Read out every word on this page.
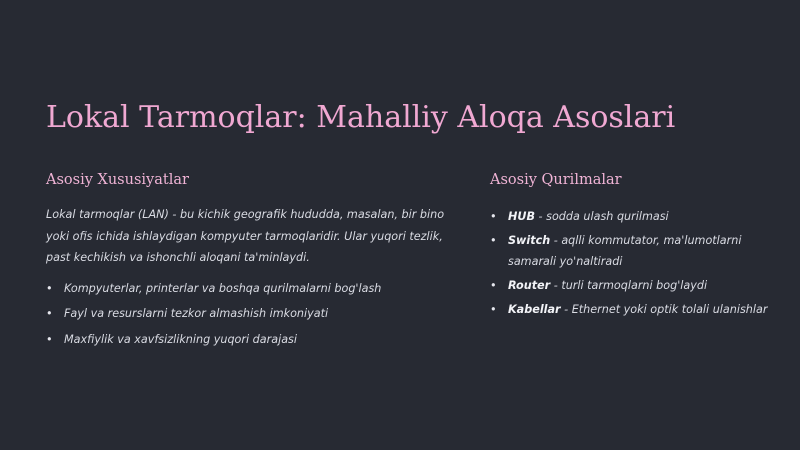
Lokal Tarmoqlar: Mahalliy Aloqa Asoslari
Asosiy Xususiyatlar

Lokal tarmoqlar (LAN) - bu kichik geografik hududda, masalan, bir bino yoki ofis ichida ishlaydigan kompyuter tarmoqlaridir. Ular yuqori tezlik, past kechikish va ishonchli aloqani ta'minlaydi.

• Kompyuterlar, printerlar va boshqa qurilmalarni bog'lash
• Fayl va resurslarni tezkor almashish imkoniyati
• Maxfiylik va xavfsizlikning yuqori darajasi
Asosiy Qurilmalar
• HUB - sodda ulash qurilmasi
• Switch - aqlli kommutator, ma'lumotlarni samarali yo'naltiradi
• Router - turli tarmoqlarni bog'laydi
• Kabellar - Ethernet yoki optik tolali ulanishlar
